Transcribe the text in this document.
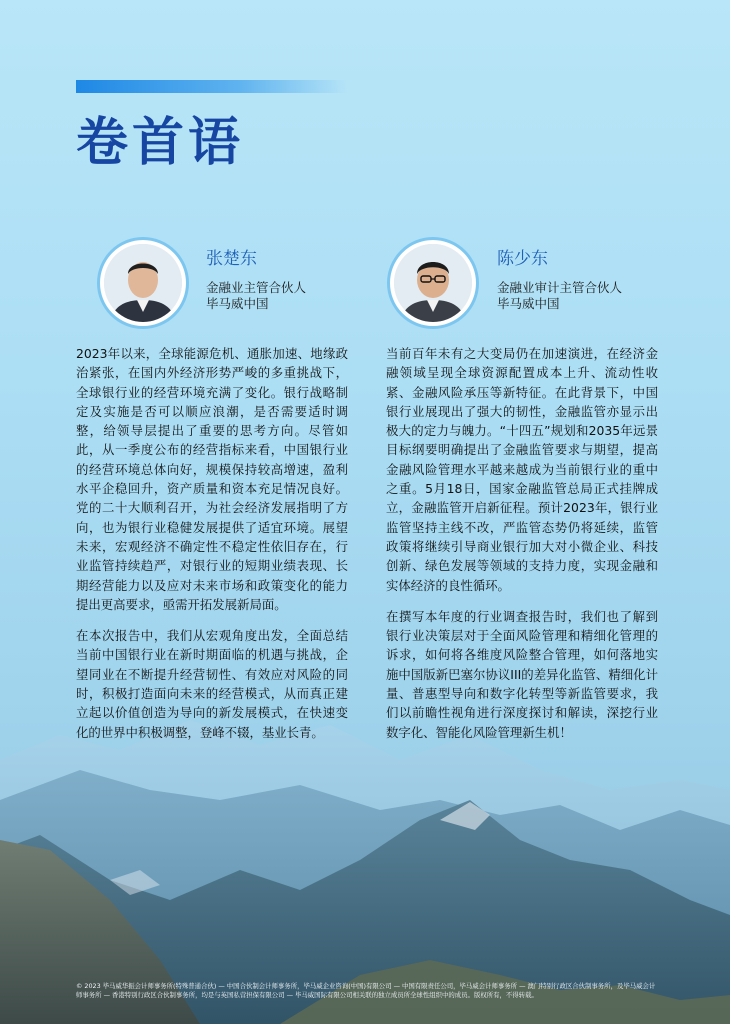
卷首语
张楚东
金融业主管合伙人
毕马威中国
陈少东
金融业审计主管合伙人
毕马威中国

2023年以来，全球能源危机、通胀加速、地缘政治紧张，在国内外经济形势严峻的多重挑战下，全球银行业的经营环境充满了变化。银行战略制定及实施是否可以顺应浪潮，是否需要适时调整，给领导层提出了重要的思考方向。尽管如此，从一季度公布的经营指标来看，中国银行业的经营环境总体向好，规模保持较高增速，盈利水平企稳回升，资产质量和资本充足情况良好。党的二十大顺利召开，为社会经济发展指明了方向，也为银行业稳健发展提供了适宜环境。展望未来，宏观经济不确定性不稳定性依旧存在，行业监管持续趋严，对银行业的短期业绩表现、长期经营能力以及应对未来市场和政策变化的能力提出更高要求，亟需开拓发展新局面。

在本次报告中，我们从宏观角度出发，全面总结当前中国银行业在新时期面临的机遇与挑战，企望同业在不断提升经营韧性、有效应对风险的同时，积极打造面向未来的经营模式，从而真正建立起以价值创造为导向的新发展模式，在快速变化的世界中积极调整，登峰不辍，基业长青。

当前百年未有之大变局仍在加速演进，在经济金融领域呈现全球资源配置成本上升、流动性收紧、金融风险承压等新特征。在此背景下，中国银行业展现出了强大的韧性，金融监管亦显示出极大的定力与魄力。“十四五”规划和2035年远景目标纲要明确提出了金融监管要求与期望，提高金融风险管理水平越来越成为当前银行业的重中之重。5月18日，国家金融监管总局正式挂牌成立，金融监管开启新征程。预计2023年，银行业监管坚持主线不改，严监管态势仍将延续，监管政策将继续引导商业银行加大对小微企业、科技创新、绿色发展等领域的支持力度，实现金融和实体经济的良性循环。

在撰写本年度的行业调查报告时，我们也了解到银行业决策层对于全面风险管理和精细化管理的诉求，如何将各维度风险整合管理，如何落地实施中国版新巴塞尔协议III的差异化监管、精细化计量、普惠型导向和数字化转型等新监管要求，我们以前瞻性视角进行深度探讨和解读，深挖行业数字化、智能化风险管理新生机！

© 2023 毕马威华振会计师事务所(特殊普通合伙) — 中国合伙制会计师事务所，毕马威企业咨询(中国)有限公司 — 中国有限责任公司，毕马威会计师事务所 — 澳门特别行政区合伙制事务所，及毕马威会计师事务所 — 香港特别行政区合伙制事务所，均是与英国私营担保有限公司 — 毕马威国际有限公司相关联的独立成员所全球性组织中的成员。版权所有，不得转载。
